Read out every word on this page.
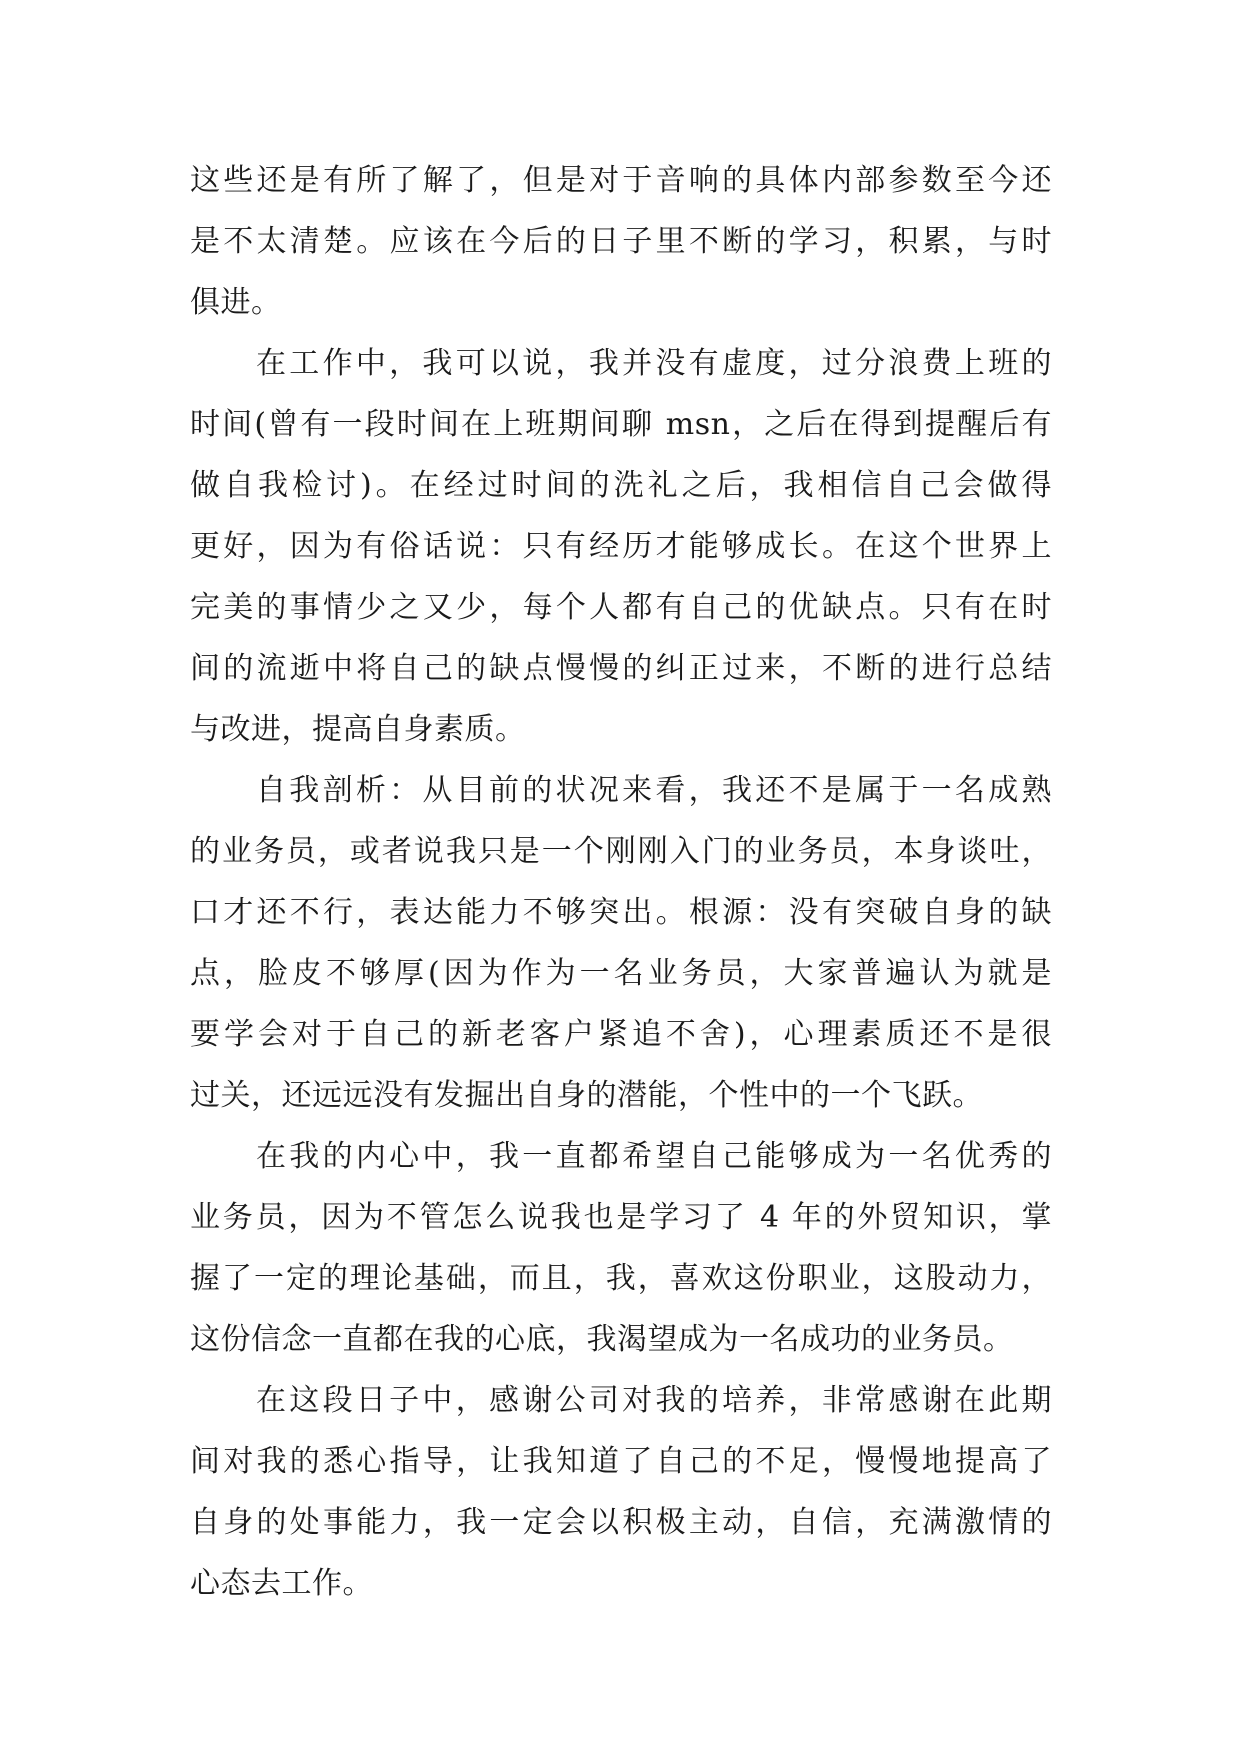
这些还是有所了解了，但是对于音响的具体内部参数至今还
是不太清楚。应该在今后的日子里不断的学习，积累，与时
俱进。
在工作中，我可以说，我并没有虚度，过分浪费上班的
时间(曾有一段时间在上班期间聊 msn，之后在得到提醒后有
做自我检讨)。在经过时间的洗礼之后，我相信自己会做得
更好，因为有俗话说：只有经历才能够成长。在这个世界上
完美的事情少之又少，每个人都有自己的优缺点。只有在时
间的流逝中将自己的缺点慢慢的纠正过来，不断的进行总结
与改进，提高自身素质。
自我剖析：从目前的状况来看，我还不是属于一名成熟
的业务员，或者说我只是一个刚刚入门的业务员，本身谈吐，
口才还不行，表达能力不够突出。根源：没有突破自身的缺
点，脸皮不够厚(因为作为一名业务员，大家普遍认为就是
要学会对于自己的新老客户紧追不舍)，心理素质还不是很
过关，还远远没有发掘出自身的潜能，个性中的一个飞跃。
在我的内心中，我一直都希望自己能够成为一名优秀的
业务员，因为不管怎么说我也是学习了 4 年的外贸知识，掌
握了一定的理论基础，而且，我，喜欢这份职业，这股动力，
这份信念一直都在我的心底，我渴望成为一名成功的业务员。
在这段日子中，感谢公司对我的培养，非常感谢在此期
间对我的悉心指导，让我知道了自己的不足，慢慢地提高了
自身的处事能力，我一定会以积极主动，自信，充满激情的
心态去工作。
